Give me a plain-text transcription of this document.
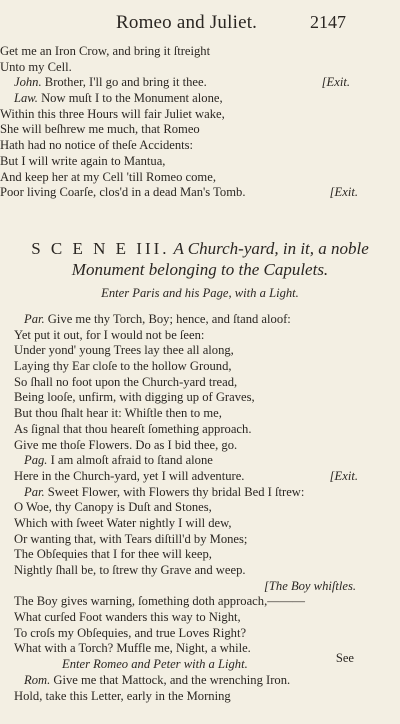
Romeo and Juliet.	2147
Get me an Iron Crow, and bring it ſtreight
Unto my Cell.
John. Brother, I'll go and bring it thee.	[Exit.
Law. Now muſt I to the Monument alone,
Within this three Hours will fair Juliet wake,
She will beſhrew me much, that Romeo
Hath had no notice of theſe Accidents:
But I will write again to Mantua,
And keep her at my Cell 'till Romeo come,
Poor living Coarſe, clos'd in a dead Man's Tomb.	[Exit.
S C E N E III. A Church-yard, in it, a noble
Monument belonging to the Capulets.
Enter Paris and his Page, with a Light.
Par. Give me thy Torch, Boy; hence, and ſtand aloof:
Yet put it out, for I would not be ſeen:
Under yond' young Trees lay thee all along,
Laying thy Ear cloſe to the hollow Ground,
So ſhall no foot upon the Church-yard tread,
Being looſe, unfirm, with digging up of Graves,
But thou ſhalt hear it: Whiſtle then to me,
As ſignal that thou heareſt ſomething approach.
Give me thoſe Flowers. Do as I bid thee, go.
Pag. I am almoſt afraid to ſtand alone
Here in the Church-yard, yet I will adventure.	[Exit.
Par. Sweet Flower, with Flowers thy bridal Bed I ſtrew:
O Woe, thy Canopy is Duſt and Stones,
Which with ſweet Water nightly I will dew,
Or wanting that, with Tears diſtill'd by Mones;
The Obſequies that I for thee will keep,
Nightly ſhall be, to ſtrew thy Grave and weep.
[The Boy whiſtles.
The Boy gives warning, ſomething doth approach,———
What curſed Foot wanders this way to Night,
To croſs my Obſequies, and true Loves Right?
What with a Torch? Muffle me, Night, a while.
Enter Romeo and Peter with a Light.
Rom. Give me that Mattock, and the wrenching Iron.
Hold, take this Letter, early in the Morning
See
